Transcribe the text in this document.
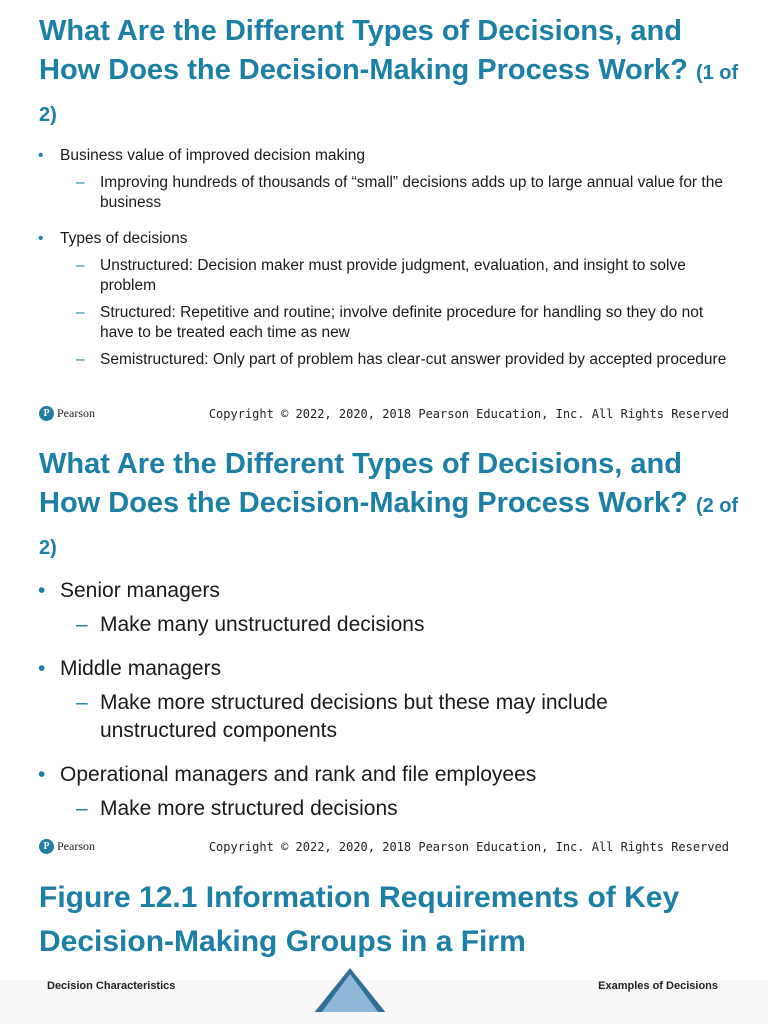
What Are the Different Types of Decisions, and How Does the Decision-Making Process Work? (1 of 2)
• Business value of improved decision making
– Improving hundreds of thousands of “small” decisions adds up to large annual value for the business
• Types of decisions
– Unstructured: Decision maker must provide judgment, evaluation, and insight to solve problem
– Structured: Repetitive and routine; involve definite procedure for handling so they do not have to be treated each time as new
– Semistructured: Only part of problem has clear-cut answer provided by accepted procedure
P Pearson	Copyright © 2022, 2020, 2018 Pearson Education, Inc. All Rights Reserved
What Are the Different Types of Decisions, and How Does the Decision-Making Process Work? (2 of 2)
• Senior managers
– Make many unstructured decisions
• Middle managers
– Make more structured decisions but these may include unstructured components
• Operational managers and rank and file employees
– Make more structured decisions
P Pearson	Copyright © 2022, 2020, 2018 Pearson Education, Inc. All Rights Reserved
Figure 12.1 Information Requirements of Key Decision-Making Groups in a Firm
Decision Characteristics	Examples of Decisions
